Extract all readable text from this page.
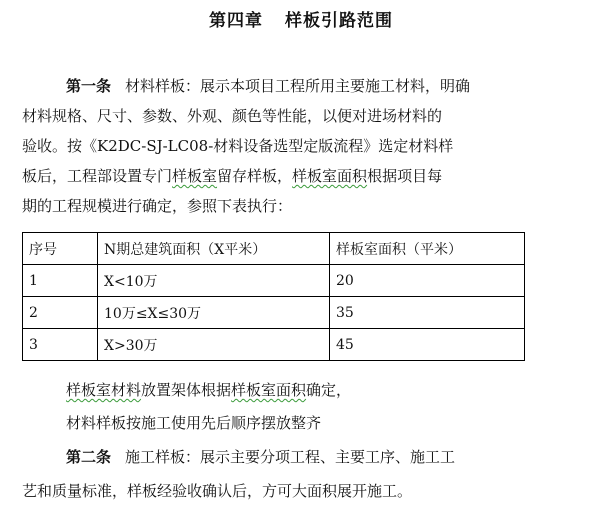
第四章 样板引路范围
第一条 材料样板：展示本项目工程所用主要施工材料，明确
材料规格、尺寸、参数、外观、颜色等性能，以便对进场材料的
验收。按《K2DC-SJ-LC08-材料设备选型定版流程》选定材料样
板后，工程部设置专门样板室留存样板，样板室面积根据项目每
期的工程规模进行确定，参照下表执行：
序号	N期总建筑面积（X平米）	样板室面积（平米）
1	X<10万	20
2	10万≤X≤30万	35
3	X>30万	45
样板室材料放置架体根据样板室面积确定，
材料样板按施工使用先后顺序摆放整齐
第二条 施工样板：展示主要分项工程、主要工序、施工工
艺和质量标准，样板经验收确认后，方可大面积展开施工。
